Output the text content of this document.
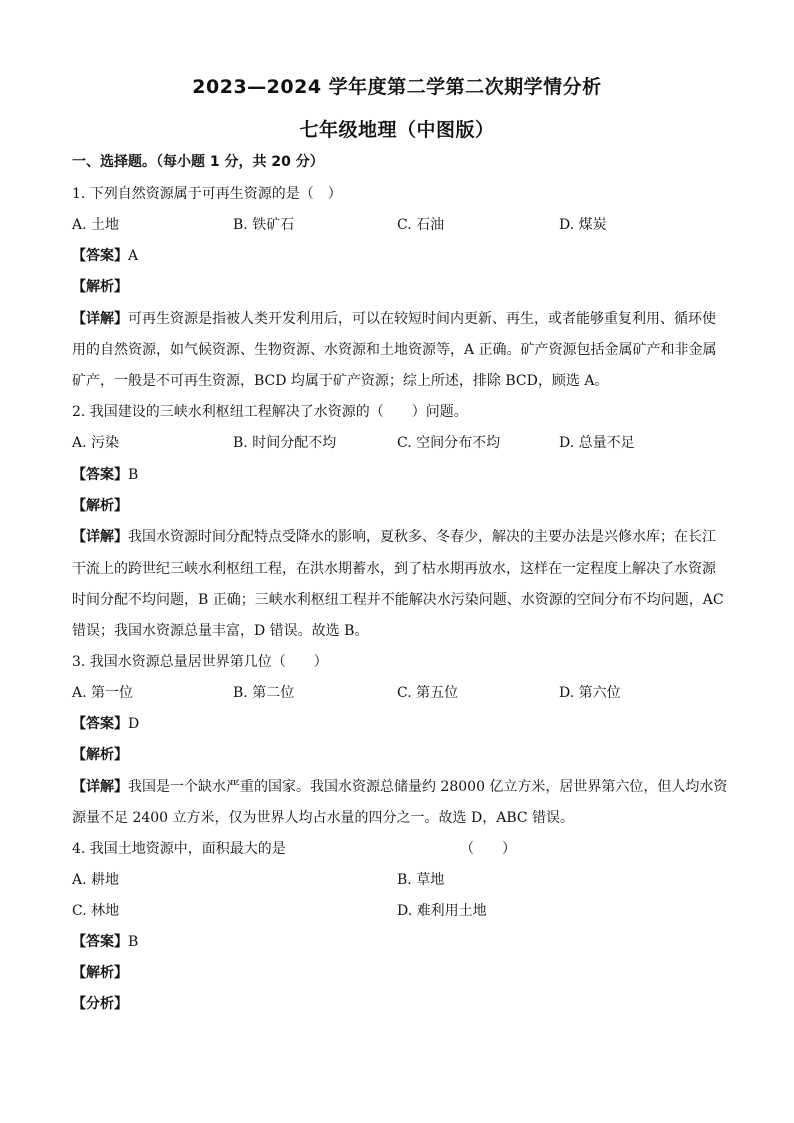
2023—2024 学年度第二学第二次期学情分析
七年级地理（中图版）
一、选择题。（每小题 1 分，共 20 分）
1. 下列自然资源属于可再生资源的是（　）
A. 土地	B. 铁矿石	C. 石油	D. 煤炭
【答案】A
【解析】
【详解】可再生资源是指被人类开发利用后，可以在较短时间内更新、再生，或者能够重复利用、循环使
用的自然资源，如气候资源、生物资源、水资源和土地资源等，A 正确。矿产资源包括金属矿产和非金属
矿产，一般是不可再生资源，BCD 均属于矿产资源；综上所述，排除 BCD，顾选 A。
2. 我国建设的三峡水利枢纽工程解决了水资源的（　　）问题。
A. 污染	B. 时间分配不均	C. 空间分布不均	D. 总量不足
【答案】B
【解析】
【详解】我国水资源时间分配特点受降水的影响，夏秋多、冬春少，解决的主要办法是兴修水库；在长江
干流上的跨世纪三峡水利枢纽工程，在洪水期蓄水，到了枯水期再放水，这样在一定程度上解决了水资源
时间分配不均问题，B 正确；三峡水利枢纽工程并不能解决水污染问题、水资源的空间分布不均问题，AC
错误；我国水资源总量丰富，D 错误。故选 B。
3. 我国水资源总量居世界第几位（　　）
A. 第一位	B. 第二位	C. 第五位	D. 第六位
【答案】D
【解析】
【详解】我国是一个缺水严重的国家。我国水资源总储量约 28000 亿立方米，居世界第六位，但人均水资
源量不足 2400 立方米，仅为世界人均占水量的四分之一。故选 D，ABC 错误。
4. 我国土地资源中，面积最大的是	（　　）
A. 耕地	B. 草地
C. 林地	D. 难利用土地
【答案】B
【解析】
【分析】
